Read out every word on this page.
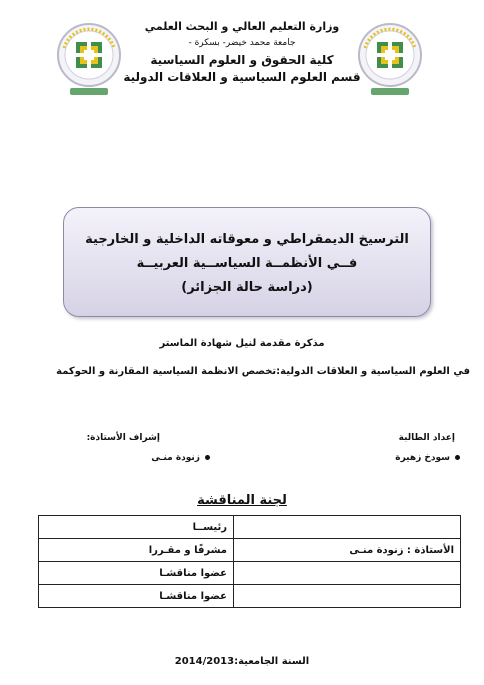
وزارة التعليم العالي و البحث العلمي
جامعة محمد خيضر- بسكرة -
كلية الحقوق و العلوم السياسية
قسم العلوم السياسية و العلاقات الدولية
الترسيخ الديمقراطي و معوقاته الداخلية و الخارجية
فــي الأنظمــة السياســية العربيــة
(دراسة حالة الجزائر)
مذكرة مقدمة لنيل شهادة الماستر
في العلوم السياسية و العلاقات الدولية:تخصص الانظمة السياسية المقارنة و الحوكمة
إعداد الطالبة
سودخ زهيرة
إشراف الأستاذة:
زنودة منـى
لجنة المناقشة
	رئيســا
الأستاذة : زنودة منـى	مشرفًا و مقـررا
	عضوا مناقشـا
	عضوا مناقشـا
السنة الجامعية:2014/2013
